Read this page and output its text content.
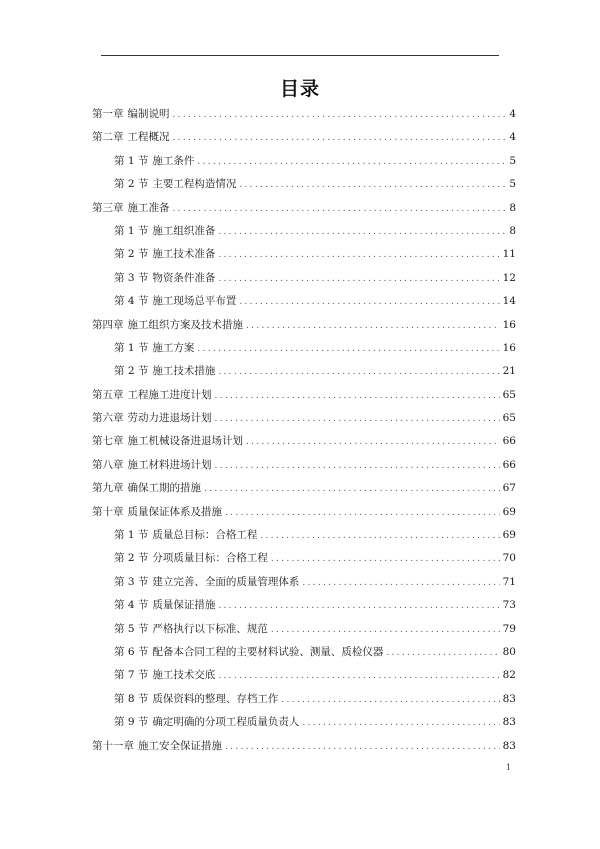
目录
第一章 编制说明 .....	4
第二章 工程概况 .....	4
第 1 节 施工条件 .....	5
第 2 节 主要工程构造情况 .....	5
第三章 施工准备 .....	8
第 1 节 施工组织准备 .....	8
第 2 节 施工技术准备 .....	11
第 3 节 物资条件准备 .....	12
第 4 节 施工现场总平布置 .....	14
第四章 施工组织方案及技术措施 .....	16
第 1 节 施工方案 .....	16
第 2 节 施工技术措施 .....	21
第五章 工程施工进度计划 .....	65
第六章 劳动力进退场计划 .....	65
第七章 施工机械设备进退场计划 .....	66
第八章 施工材料进场计划 .....	66
第九章 确保工期的措施 .....	67
第十章 质量保证体系及措施 .....	69
第 1 节 质量总目标：合格工程 .....	69
第 2 节 分项质量目标：合格工程 .....	70
第 3 节 建立完善、全面的质量管理体系 .....	71
第 4 节 质量保证措施 .....	73
第 5 节 严格执行以下标准、规范 .....	79
第 6 节 配备本合同工程的主要材料试验、测量、质检仪器 .....	80
第 7 节 施工技术交底 .....	82
第 8 节 质保资料的整理、存档工作 .....	83
第 9 节 确定明确的分项工程质量负责人 .....	83
第十一章 施工安全保证措施 .....	83
1
